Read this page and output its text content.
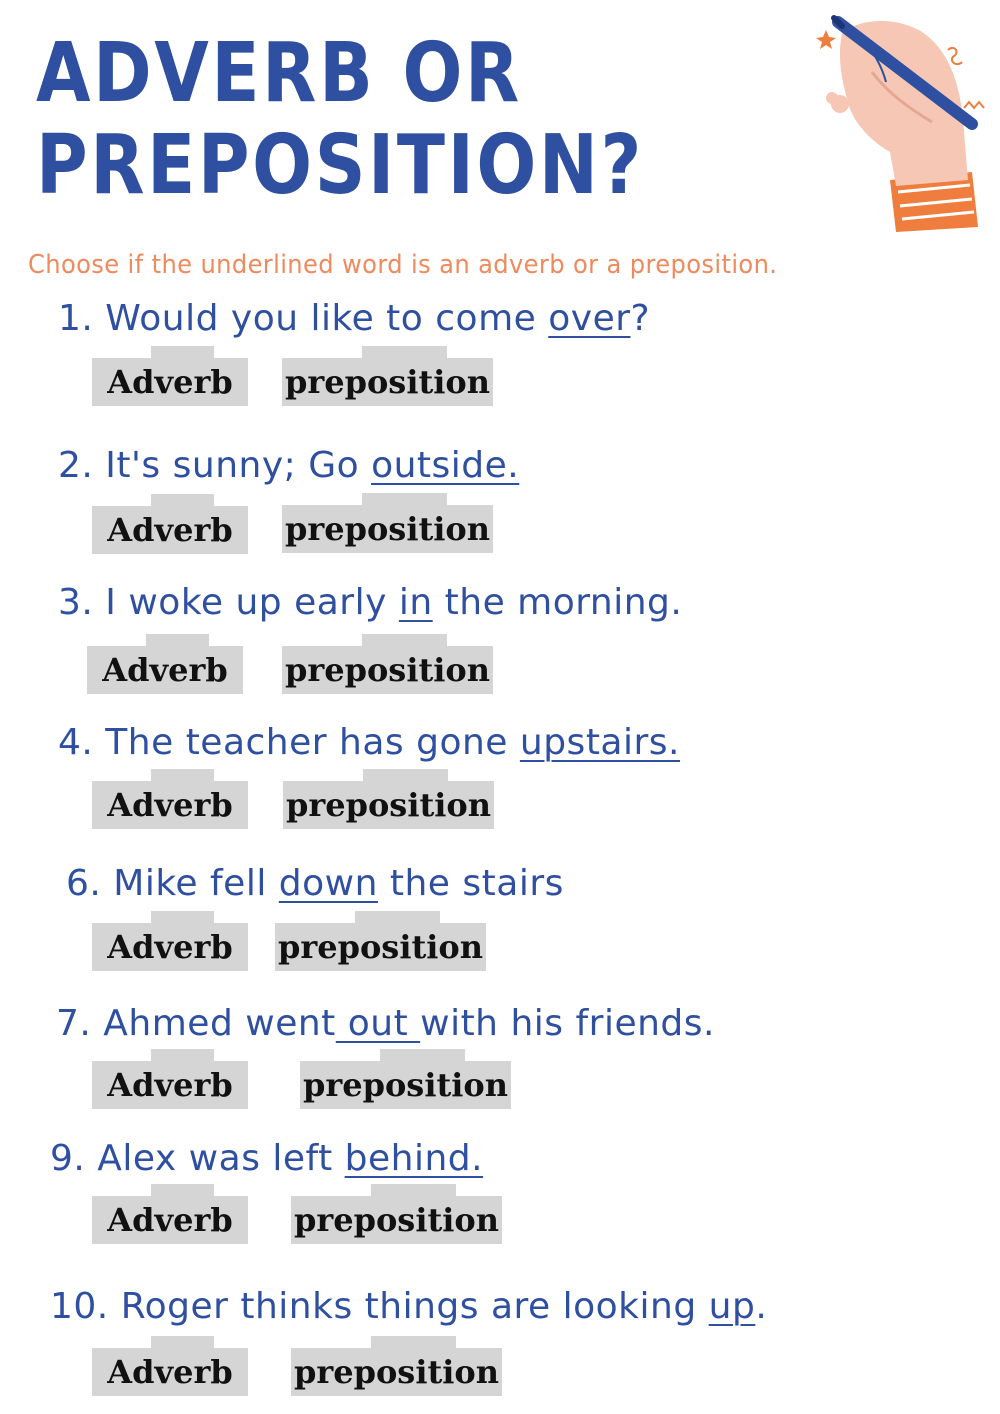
ADVERB OR
PREPOSITION?

Choose if the underlined word is an adverb or a preposition.

1. Would you like to come over?

Adverb preposition

2. It's sunny; Go outside.

Adverb preposition

3. I woke up early in the morning.

Adverb preposition

4. The teacher has gone upstairs.

Adverb preposition

6. Mike fell down the stairs

Adverb preposition

7. Ahmed went out with his friends.

Adverb preposition

9. Alex was left behind.

Adverb preposition

10. Roger thinks things are looking up.

Adverb preposition
